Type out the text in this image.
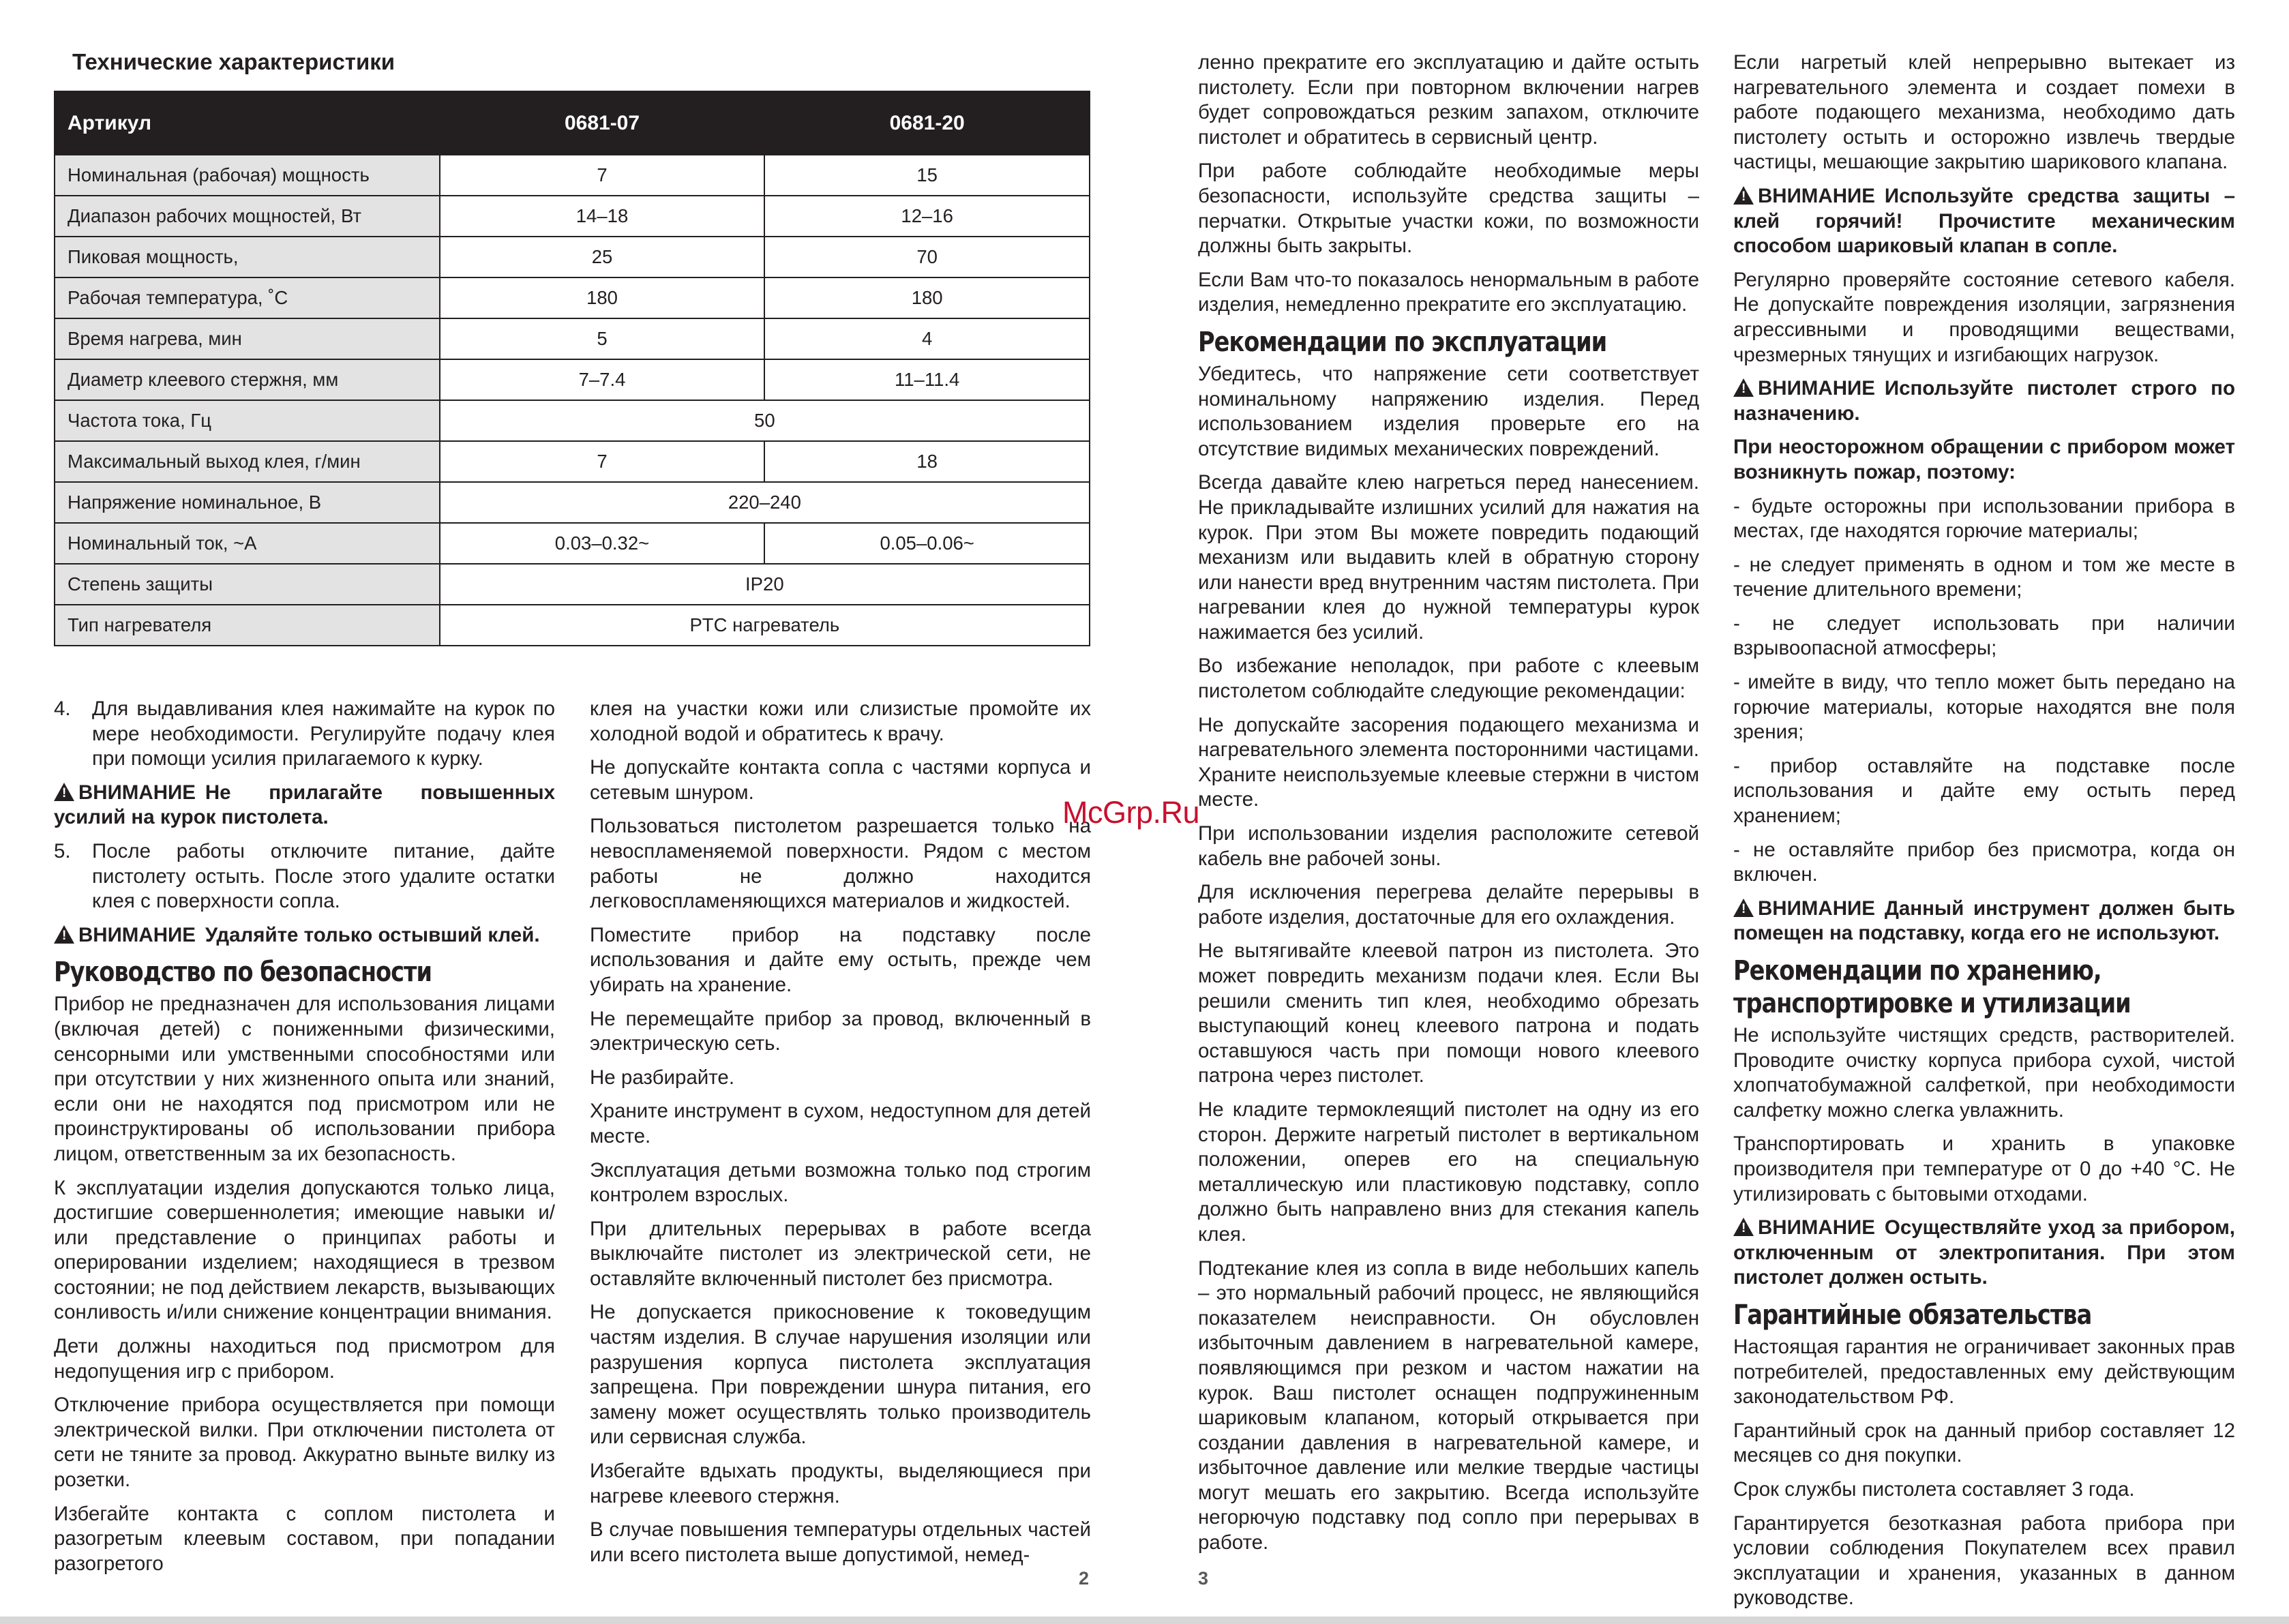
Технические характеристики
Артикул	0681-07	0681-20
Номинальная (рабочая) мощность	7	15
Диапазон рабочих мощностей, Вт	14–18	12–16
Пиковая мощность,	25	70
Рабочая температура, ˚С	180	180
Время нагрева, мин	5	4
Диаметр клеевого стержня, мм	7–7.4	11–11.4
Частота тока, Гц	50	
Максимальный выход клея, г/мин	7	18
Напряжение номинальное, В	220–240	
Номинальный ток, ~А	0.03–0.32~	0.05–0.06~
Степень защиты	IP20	
Тип нагревателя	PTC нагреватель	
4. Для выдавливания клея нажимайте на курок по мере необходимости. Регулируйте подачу клея при помощи усилия прилагаемого к курку.

!ВНИМАНИЕ Не прилагайте повышенных усилий на курок пистолета.

5. После работы отключите питание, дайте пистолету остыть. После этого удалите остатки клея с поверхности сопла.

!ВНИМАНИЕ Удаляйте только остывший клей.

Руководство по безопасности

Прибор не предназначен для использования лицами (включая детей) с пониженными физическими, сенсорными или умственными способностями или при отсутствии у них жизненного опыта или знаний, если они не находятся под присмотром или не проинструктированы об использовании прибора лицом, ответственным за их безопасность.

К эксплуатации изделия допускаются только лица, достигшие совершеннолетия; имеющие навыки и/или представление о принципах работы и оперировании изделием; находящиеся в трезвом состоянии; не под действием лекарств, вызывающих сонливость и/или снижение концентрации внимания.

Дети должны находиться под присмотром для недопущения игр с прибором.

Отключение прибора осуществляется при помощи электрической вилки. При отключении пистолета от сети не тяните за провод. Аккуратно выньте вилку из розетки.

Избегайте контакта с соплом пистолета и разогретым клеевым составом, при попадании разогретого

клея на участки кожи или слизистые промойте их холодной водой и обратитесь к врачу.

Не допускайте контакта сопла с частями корпуса и сетевым шнуром.

Пользоваться пистолетом разрешается только на невоспламеняемой поверхности. Рядом с местом работы не должно находится легковоспламеняющихся материалов и жидкостей.

Поместите прибор на подставку после использования и дайте ему остыть, прежде чем убирать на хранение.

Не перемещайте прибор за провод, включенный в электрическую сеть.

Не разбирайте.

Храните инструмент в сухом, недоступном для детей месте.

Эксплуатация детьми возможна только под строгим контролем взрослых.

При длительных перерывах в работе всегда выключайте пистолет из электрической сети, не оставляйте включенный пистолет без присмотра.

Не допускается прикосновение к токоведущим частям изделия. В случае нарушения изоляции или разрушения корпуса пистолета эксплуатация запрещена. При повреждении шнура питания, его замену может осуществлять только производитель или сервисная служба.

Избегайте вдыхать продукты, выделяющиеся при нагреве клеевого стержня.

В случае повышения температуры отдельных частей или всего пистолета выше допустимой, немед-

ленно прекратите его эксплуатацию и дайте остыть пистолету. Если при повторном включении нагрев будет сопровождаться резким запахом, отключите пистолет и обратитесь в сервисный центр.

При работе соблюдайте необходимые меры безопасности, используйте средства защиты – перчатки. Открытые участки кожи, по возможности должны быть закрыты.

Если Вам что-то показалось ненормальным в работе изделия, немедленно прекратите его эксплуатацию.

Рекомендации по эксплуатации

Убедитесь, что напряжение сети соответствует номинальному напряжению изделия. Перед использованием изделия проверьте его на отсутствие видимых механических повреждений.

Всегда давайте клею нагреться перед нанесением. Не прикладывайте излишних усилий для нажатия на курок. При этом Вы можете повредить подающий механизм или выдавить клей в обратную сторону или нанести вред внутренним частям пистолета. При нагревании клея до нужной температуры курок нажимается без усилий.

Во избежание неполадок, при работе с клеевым пистолетом соблюдайте следующие рекомендации:

Не допускайте засорения подающего механизма и нагревательного элемента посторонними частицами. Храните неиспользуемые клеевые стержни в чистом месте.

При использовании изделия расположите сетевой кабель вне рабочей зоны.

Для исключения перегрева делайте перерывы в работе изделия, достаточные для его охлаждения.

Не вытягивайте клеевой патрон из пистолета. Это может повредить механизм подачи клея. Если Вы решили сменить тип клея, необходимо обрезать выступающий конец клеевого патрона и подать оставшуюся часть при помощи нового клеевого патрона через пистолет.

Не кладите термоклеящий пистолет на одну из его сторон. Держите нагретый пистолет в вертикальном положении, оперев его на специальную металлическую или пластиковую подставку, сопло должно быть направлено вниз для стекания капель клея.

Подтекание клея из сопла в виде небольших капель – это нормальный рабочий процесс, не являющийся показателем неисправности. Он обусловлен избыточным давлением в нагревательной камере, появляющимся при резком и частом нажатии на курок. Ваш пистолет оснащен подпружиненным шариковым клапаном, который открывается при создании давления в нагревательной камере, и избыточное давление или мелкие твердые частицы могут мешать его закрытию. Всегда используйте негорючую подставку под сопло при перерывах в работе.

Если нагретый клей непрерывно вытекает из нагревательного элемента и создает помехи в работе подающего механизма, необходимо дать пистолету остыть и осторожно извлечь твердые частицы, мешающие закрытию шарикового клапана.

!ВНИМАНИЕ Используйте средства защиты – клей горячий! Прочистите механическим способом шариковый клапан в сопле.

Регулярно проверяйте состояние сетевого кабеля. Не допускайте повреждения изоляции, загрязнения агрессивными и проводящими веществами, чрезмерных тянущих и изгибающих нагрузок.

!ВНИМАНИЕ Используйте пистолет строго по назначению.

При неосторожном обращении с прибором может возникнуть пожар, поэтому:

- будьте осторожны при использовании прибора в местах, где находятся горючие материалы;
- не следует применять в одном и том же месте в течение длительного времени;
- не следует использовать при наличии взрывоопасной атмосферы;
- имейте в виду, что тепло может быть передано на горючие материалы, которые находятся вне поля зрения;
- прибор оставляйте на подставке после использования и дайте ему остыть перед хранением;
- не оставляйте прибор без присмотра, когда он включен.

!ВНИМАНИЕ Данный инструмент должен быть помещен на подставку, когда его не используют.

Рекомендации по хранению,
транспортировке и утилизации

Не используйте чистящих средств, растворителей. Проводите очистку корпуса прибора сухой, чистой хлопчатобумажной салфеткой, при необходимости салфетку можно слегка увлажнить.

Транспортировать и хранить в упаковке производителя при температуре от 0 до +40 °С. Не утилизировать с бытовыми отходами.

!ВНИМАНИЕ Осуществляйте уход за прибором, отключенным от электропитания. При этом пистолет должен остыть.

Гарантийные обязательства

Настоящая гарантия не ограничивает законных прав потребителей, предоставленных ему действующим законодательством РФ.

Гарантийный срок на данный прибор составляет 12 месяцев со дня покупки.

Срок службы пистолета составляет 3 года.

Гарантируется безотказная работа прибора при условии соблюдения Покупателем всех правил эксплуатации и хранения, указанных в данном руководстве.

McGrp.Ru
2	3
